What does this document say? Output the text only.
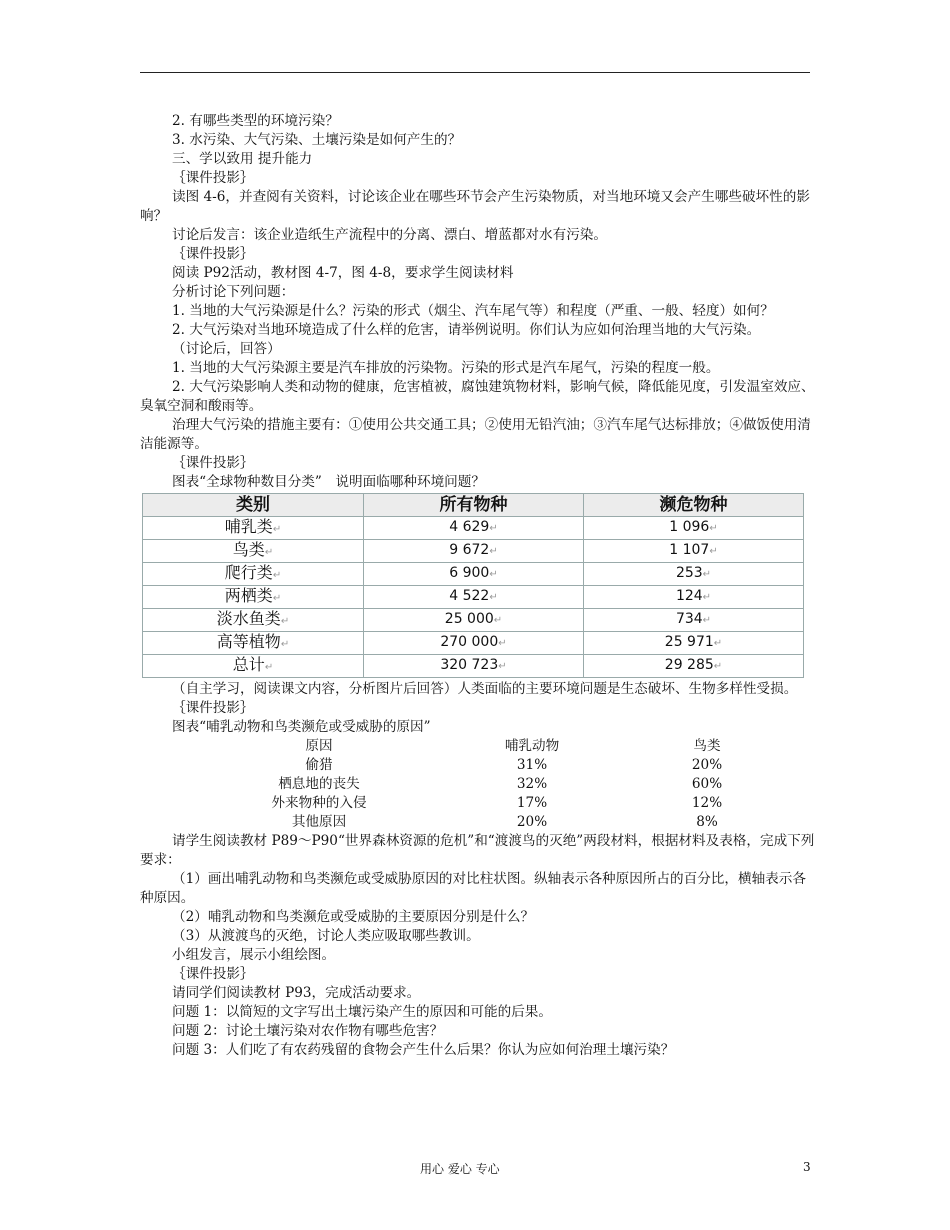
2. 有哪些类型的环境污染？

3. 水污染、大气污染、土壤污染是如何产生的？

三、学以致用 提升能力

｛课件投影｝

读图 4-6，并查阅有关资料，讨论该企业在哪些环节会产生污染物质，对当地环境又会产生哪些破坏性的影响？

讨论后发言：该企业造纸生产流程中的分离、漂白、增蓝都对水有污染。

｛课件投影｝

阅读 P92活动，教材图 4-7，图 4-8，要求学生阅读材料

分析讨论下列问题：

1. 当地的大气污染源是什么？污染的形式（烟尘、汽车尾气等）和程度（严重、一般、轻度）如何？

2. 大气污染对当地环境造成了什么样的危害，请举例说明。你们认为应如何治理当地的大气污染。

（讨论后，回答）

1. 当地的大气污染源主要是汽车排放的污染物。污染的形式是汽车尾气，污染的程度一般。

2. 大气污染影响人类和动物的健康，危害植被，腐蚀建筑物材料，影响气候，降低能见度，引发温室效应、臭氧空洞和酸雨等。

治理大气污染的措施主要有：①使用公共交通工具；②使用无铅汽油；③汽车尾气达标排放；④做饭使用清洁能源等。

｛课件投影｝

图表“全球物种数目分类”　说明面临哪种环境问题？

类别	所有物种	濒危物种
哺乳类↵	4 629↵	1 096↵
鸟类↵	9 672↵	1 107↵
爬行类↵	6 900↵	253↵
两栖类↵	4 522↵	124↵
淡水鱼类↵	25 000↵	734↵
高等植物↵	270 000↵	25 971↵
总计↵	320 723↵	29 285↵

（自主学习，阅读课文内容，分析图片后回答）人类面临的主要环境问题是生态破坏、生物多样性受损。

｛课件投影｝

图表“哺乳动物和鸟类濒危或受威胁的原因”

原因	哺乳动物	鸟类
偷猎	31%	20%
栖息地的丧失	32%	60%
外来物种的入侵	17%	12%
其他原因	20%	8%

请学生阅读教材 P89～P90“世界森林资源的危机”和“渡渡鸟的灭绝”两段材料，根据材料及表格，完成下列要求：

（1）画出哺乳动物和鸟类濒危或受威胁原因的对比柱状图。纵轴表示各种原因所占的百分比，横轴表示各种原因。

（2）哺乳动物和鸟类濒危或受威胁的主要原因分别是什么？

（3）从渡渡鸟的灭绝，讨论人类应吸取哪些教训。

小组发言，展示小组绘图。

｛课件投影｝

请同学们阅读教材 P93，完成活动要求。

问题 1：以简短的文字写出土壤污染产生的原因和可能的后果。

问题 2：讨论土壤污染对农作物有哪些危害？

问题 3：人们吃了有农药残留的食物会产生什么后果？你认为应如何治理土壤污染？

用心 爱心 专心	3
